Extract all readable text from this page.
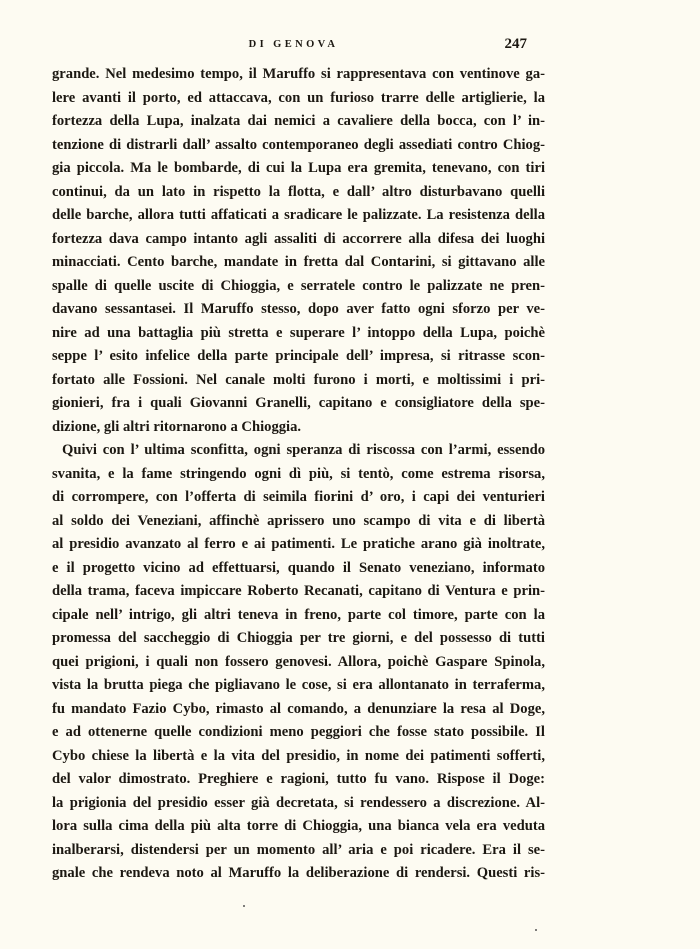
DI GENOVA	247
grande. Nel medesimo tempo, il Maruffo si rappresentava con ventinove ga-
lere avanti il porto, ed attaccava, con un furioso trarre delle artiglierie, la
fortezza della Lupa, inalzata dai nemici a cavaliere della bocca, con l’ in-
tenzione di distrarli dall’ assalto contemporaneo degli assediati contro Chiog-
gia piccola. Ma le bombarde, di cui la Lupa era gremita, tenevano, con tiri
continui, da un lato in rispetto la flotta, e dall’ altro disturbavano quelli
delle barche, allora tutti affaticati a sradicare le palizzate. La resistenza della
fortezza dava campo intanto agli assaliti di accorrere alla difesa dei luoghi
minacciati. Cento barche, mandate in fretta dal Contarini, si gittavano alle
spalle di quelle uscite di Chioggia, e serratele contro le palizzate ne pren-
davano sessantasei. Il Maruffo stesso, dopo aver fatto ogni sforzo per ve-
nire ad una battaglia più stretta e superare l’ intoppo della Lupa, poichè
seppe l’ esito infelice della parte principale dell’ impresa, si ritrasse scon-
fortato alle Fossioni. Nel canale molti furono i morti, e moltissimi i pri-
gionieri, fra i quali Giovanni Granelli, capitano e consigliatore della spe-
dizione, gli altri ritornarono a Chioggia.
Quivi con l’ ultima sconfitta, ogni speranza di riscossa con l’armi, essendo
svanita, e la fame stringendo ogni dì più, si tentò, come estrema risorsa,
di corrompere, con l’offerta di seimila fiorini d’ oro, i capi dei venturieri
al soldo dei Veneziani, affinchè aprissero uno scampo di vita e di libertà
al presidio avanzato al ferro e ai patimenti. Le pratiche arano già inoltrate,
e il progetto vicino ad effettuarsi, quando il Senato veneziano, informato
della trama, faceva impiccare Roberto Recanati, capitano di Ventura e prin-
cipale nell’ intrigo, gli altri teneva in freno, parte col timore, parte con la
promessa del saccheggio di Chioggia per tre giorni, e del possesso di tutti
quei prigioni, i quali non fossero genovesi. Allora, poichè Gaspare Spinola,
vista la brutta piega che pigliavano le cose, si era allontanato in terraferma,
fu mandato Fazio Cybo, rimasto al comando, a denunziare la resa al Doge,
e ad ottenerne quelle condizioni meno peggiori che fosse stato possibile. Il
Cybo chiese la libertà e la vita del presidio, in nome dei patimenti sofferti,
del valor dimostrato. Preghiere e ragioni, tutto fu vano. Rispose il Doge:
la prigionia del presidio esser già decretata, si rendessero a discrezione. Al-
lora sulla cima della più alta torre di Chioggia, una bianca vela era veduta
inalberarsi, distendersi per un momento all’ aria e poi ricadere. Era il se-
gnale che rendeva noto al Maruffo la deliberazione di rendersi. Questi ris-
